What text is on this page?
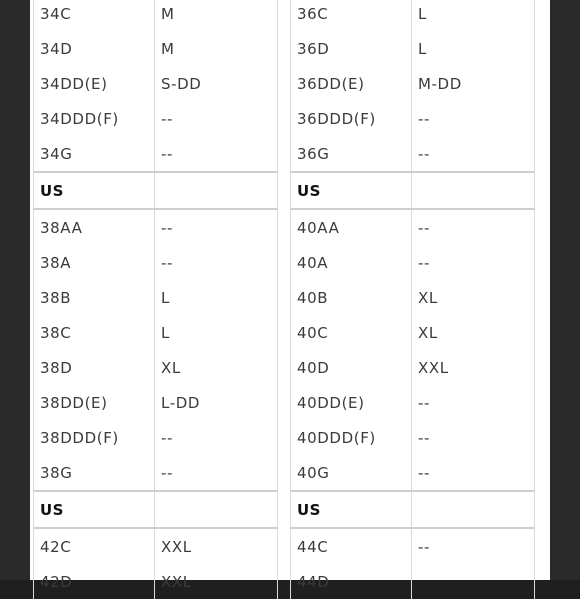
34C	M
34D	M
34DD(E)	S-DD
34DDD(F)	--
34G	--
US
38AA	--
38A	--
38B	L
38C	L
38D	XL
38DD(E)	L-DD
38DDD(F)	--
38G	--
US
42C	XXL
42D	XXL
36C	L
36D	L
36DD(E)	M-DD
36DDD(F)	--
36G	--
US
40AA	--
40A	--
40B	XL
40C	XL
40D	XXL
40DD(E)	--
40DDD(F)	--
40G	--
US
44C	--
44D
